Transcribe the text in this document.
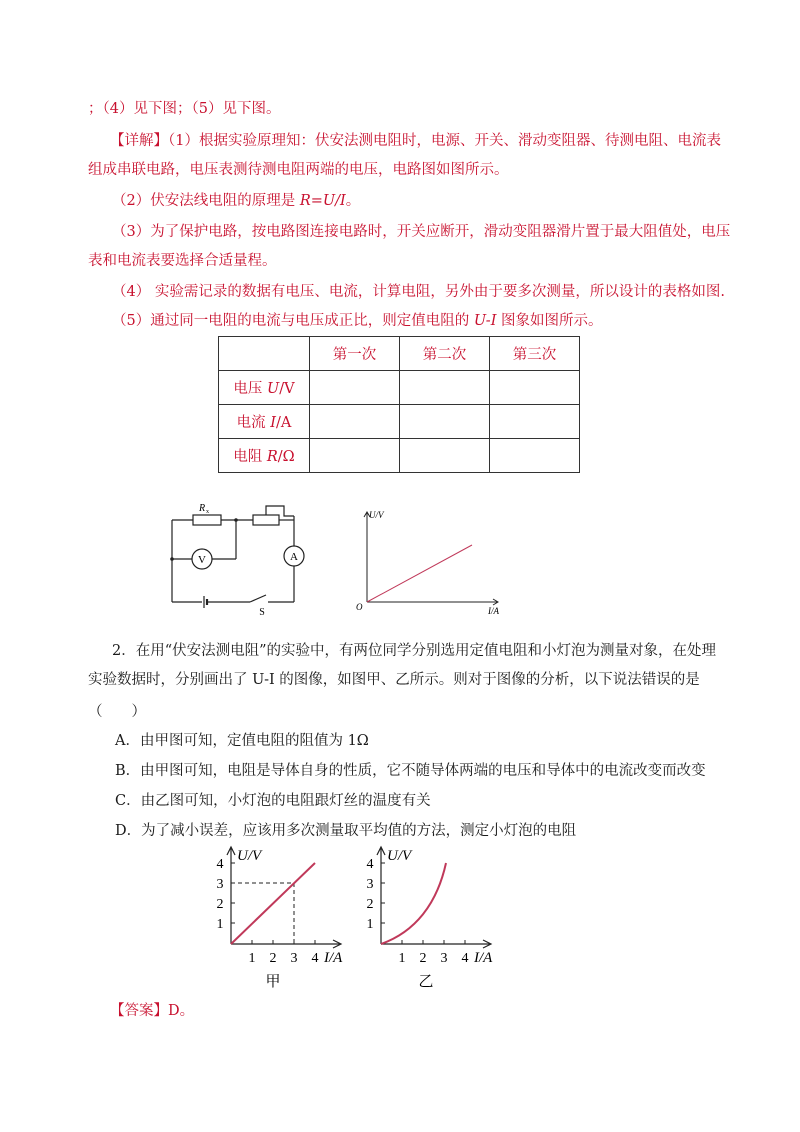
；（4）见下图；（5）见下图。
【详解】（1）根据实验原理知：伏安法测电阻时，电源、开关、滑动变阻器、待测电阻、电流表
组成串联电路，电压表测待测电阻两端的电压，电路图如图所示。
（2）伏安法线电阻的原理是 R=U/I。
（3）为了保护电路，按电路图连接电路时，开关应断开，滑动变阻器滑片置于最大阻值处，电压
表和电流表要选择合适量程。
（4） 实验需记录的数据有电压、电流，计算电阻，另外由于要多次测量，所以设计的表格如图.
（5）通过同一电阻的电流与电压成正比，则定值电阻的 U-I 图象如图所示。
	第一次	第二次	第三次
电压 U/V			
电流 I/A			
电阻 R/Ω			
R x
V	A
S
U/V
I/A
O
2．在用“伏安法测电阻”的实验中，有两位同学分别选用定值电阻和小灯泡为测量对象，在处理
实验数据时，分别画出了 U-I 的图像，如图甲、乙所示。则对于图像的分析，以下说法错误的是
（　　）
A．由甲图可知，定值电阻的阻值为 1Ω
B．由甲图可知，电阻是导体自身的性质，它不随导体两端的电压和导体中的电流改变而改变
C．由乙图可知，小灯泡的电阻跟灯丝的温度有关
D．为了减小误差，应该用多次测量取平均值的方法，测定小灯泡的电阻
1
2
3
4
1 2 3 4
U/V
I/A
甲
1
2
3
4
1 2 3 4
U/V
I/A
乙
【答案】D。
